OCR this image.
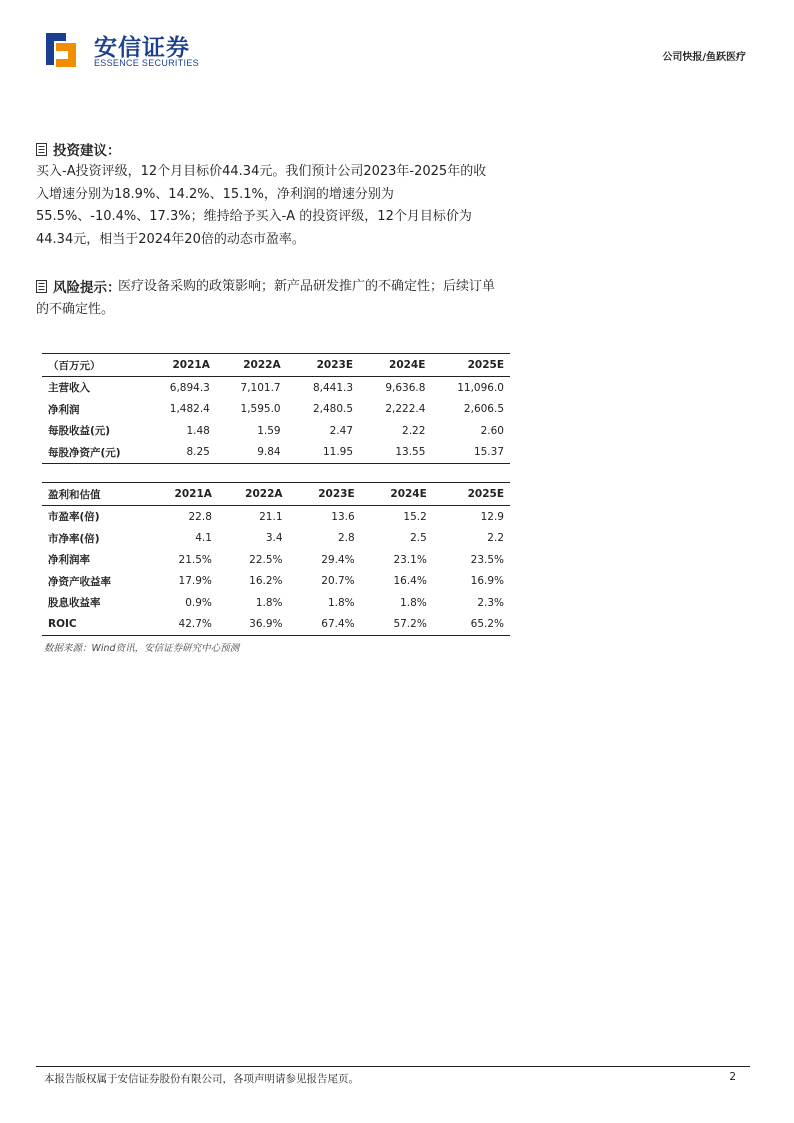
安信证券
ESSENCE SECURITIES	公司快报/鱼跃医疗
投资建议：
买入-A投资评级，12个月目标价44.34元。我们预计公司2023年-2025年的收入增速分别为18.9%、14.2%、15.1%，净利润的增速分别为55.5%、-10.4%、17.3%；维持给予买入-A 的投资评级，12个月目标价为44.34元，相当于2024年20倍的动态市盈率。
风险提示：
医疗设备采购的政策影响；新产品研发推广的不确定性；后续订单的不确定性。
（百万元）	2021A	2022A	2023E	2024E	2025E
主营收入	6,894.3	7,101.7	8,441.3	9,636.8	11,096.0
净利润	1,482.4	1,595.0	2,480.5	2,222.4	2,606.5
每股收益(元)	1.48	1.59	2.47	2.22	2.60
每股净资产(元)	8.25	9.84	11.95	13.55	15.37
盈利和估值	2021A	2022A	2023E	2024E	2025E
市盈率(倍)	22.8	21.1	13.6	15.2	12.9
市净率(倍)	4.1	3.4	2.8	2.5	2.2
净利润率	21.5%	22.5%	29.4%	23.1%	23.5%
净资产收益率	17.9%	16.2%	20.7%	16.4%	16.9%
股息收益率	0.9%	1.8%	1.8%	1.8%	2.3%
ROIC	42.7%	36.9%	67.4%	57.2%	65.2%
数据来源：Wind资讯，安信证券研究中心预测
本报告版权属于安信证券股份有限公司，各项声明请参见报告尾页。	2
